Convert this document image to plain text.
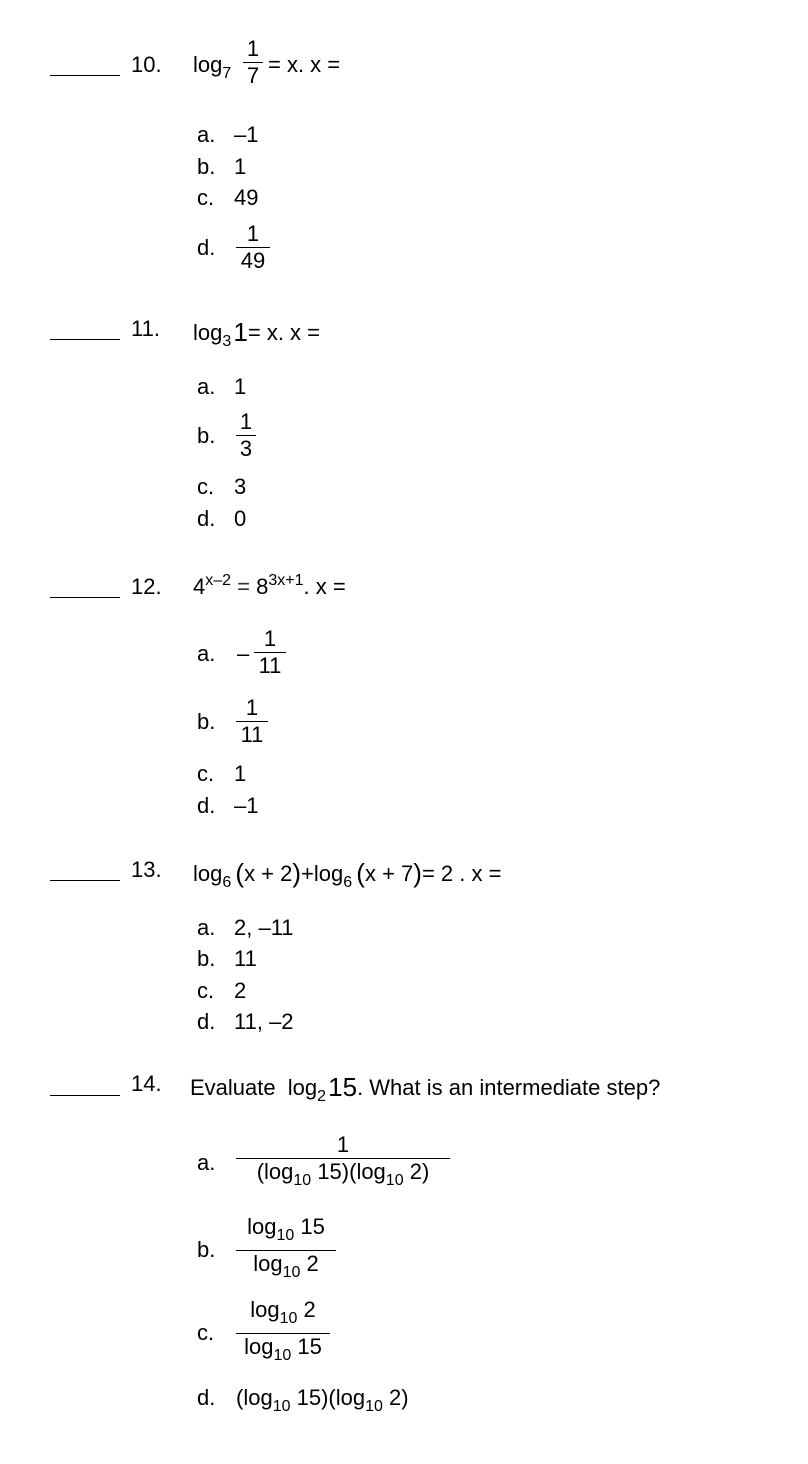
10. $\log_7$
1
7 = x. x =
a. –1
b. 1
c. 49
d.
1
49
11. $\log_3 1= x$. x =
a. 1
b.
1
3
c. 3
d. 0
12. $4^{x-2} = 8^{3x+1}$. x =
a. –
1
11
b.
1
11
c. 1
d. –1
13. $\log_6 (x + 2)+\log_6$ (x + 7)= 2 . x =
a. 2, –11
b. 11
c. 2
d. 11, –2
14. Evaluate $\log_2 15$. What is an intermediate step?
a.
1
($\log_{10}$ $15)(\log_{10}$ 2)
b.
$\log_{10} 15$
$\log_{10} 2$
c.
$\log_{10} 2$
$\log_{10} 15$
d. ($\log_{10}$ $15)(\log_{10}$ 2)
